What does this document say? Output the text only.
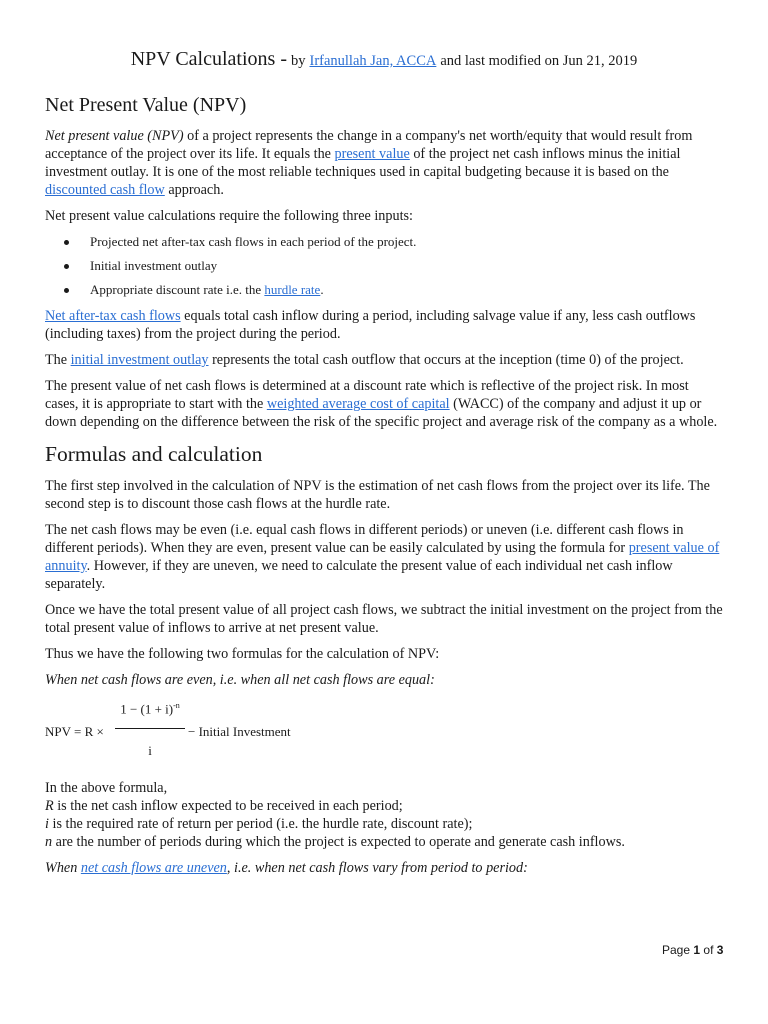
NPV Calculations - by Irfanullah Jan, ACCA and last modified on Jun 21, 2019
Net Present Value (NPV)

Net present value (NPV) of a project represents the change in a company's net worth/equity that would result from acceptance of the project over its life. It equals the present value of the project net cash inflows minus the initial investment outlay. It is one of the most reliable techniques used in capital budgeting because it is based on the discounted cash flow approach.

Net present value calculations require the following three inputs:

Projected net after-tax cash flows in each period of the project.
Initial investment outlay
Appropriate discount rate i.e. the hurdle rate.

Net after-tax cash flows equals total cash inflow during a period, including salvage value if any, less cash outflows (including taxes) from the project during the period.

The initial investment outlay represents the total cash outflow that occurs at the inception (time 0) of the project.

The present value of net cash flows is determined at a discount rate which is reflective of the project risk. In most cases, it is appropriate to start with the weighted average cost of capital (WACC) of the company and adjust it up or down depending on the difference between the risk of the specific project and average risk of the company as a whole.

Formulas and calculation

The first step involved in the calculation of NPV is the estimation of net cash flows from the project over its life. The second step is to discount those cash flows at the hurdle rate.

The net cash flows may be even (i.e. equal cash flows in different periods) or uneven (i.e. different cash flows in different periods). When they are even, present value can be easily calculated by using the formula for present value of annuity. However, if they are uneven, we need to calculate the present value of each individual net cash inflow separately.

Once we have the total present value of all project cash flows, we subtract the initial investment on the project from the total present value of inflows to arrive at net present value.

Thus we have the following two formulas for the calculation of NPV:

When net cash flows are even, i.e. when all net cash flows are equal:

NPV = R ×
$1 - (1 + i)^{-n}$
i
− Initial Investment

In the above formula,

R is the net cash inflow expected to be received in each period;

i is the required rate of return per period (i.e. the hurdle rate, discount rate);

n are the number of periods during which the project is expected to operate and generate cash inflows.

When net cash flows are uneven, i.e. when net cash flows vary from period to period:

Page 1 of 3
